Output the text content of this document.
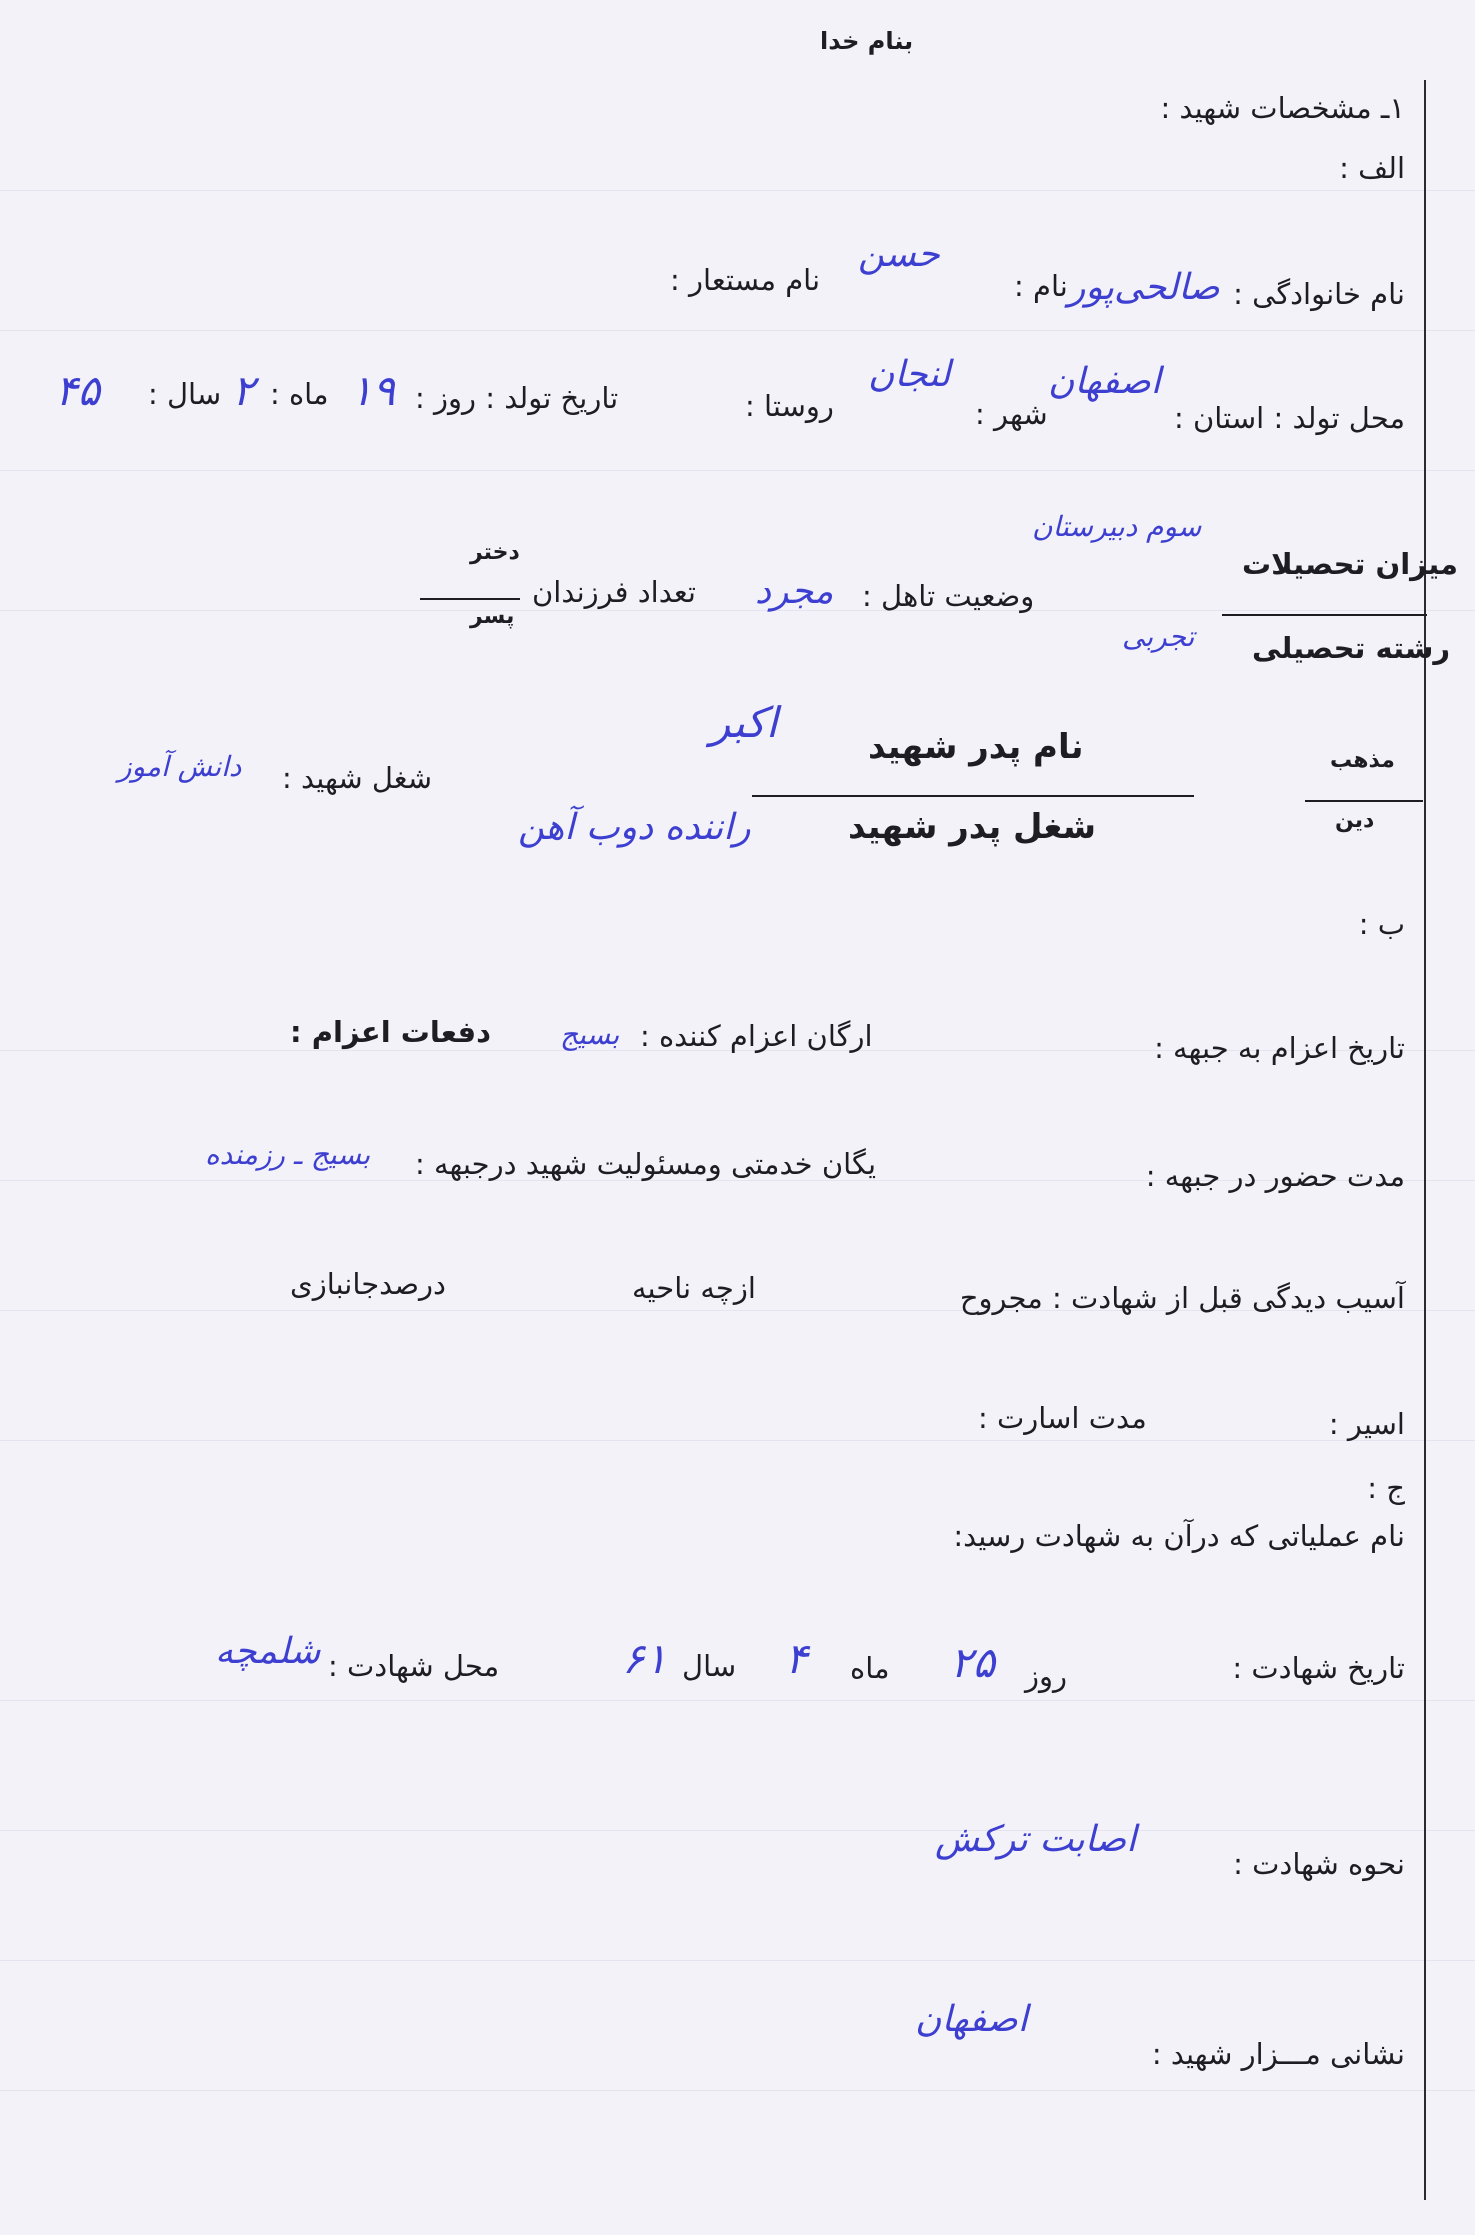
بنام خدا
۱ـ مشخصات شهید :
الف :
نام خانوادگی :
صالحی‌پور
نام :
حسن
نام مستعار :
محل تولد : استان :
اصفهان
شهر :
لنجان
روستا :
تاریخ تولد : روز :
۱۹
ماه :
۲
سال :
۴۵
میزان تحصیلات
سوم دبیرستان
رشته تحصیلی
تجربی
وضعیت تاهل :
مجرد
تعداد فرزندان
دختر
پسر
مذهب
دین
نام پدر شهید
اکبر
شغل پدر شهید
راننده دوب آهن
شغل شهید :
دانش آموز
ب :
تاریخ اعزام به جبهه :
ارگان اعزام کننده :
بسیج
دفعات اعزام :
مدت حضور در جبهه :
یگان خدمتی ومسئولیت شهید درجبهه :
بسیج ـ رزمنده
آسیب دیدگی قبل از شهادت : مجروح
ازچه ناحیه
درصدجانبازی
اسیر :
مدت اسارت :
ج :
نام عملیاتی که درآن به شهادت رسید:
تاریخ شهادت :
روز
۲۵
ماه
۴
سال
۶۱
محل شهادت :
شلمچه
نحوه شهادت :
اصابت ترکش
نشانی مـــزار شهید :
اصفهان
